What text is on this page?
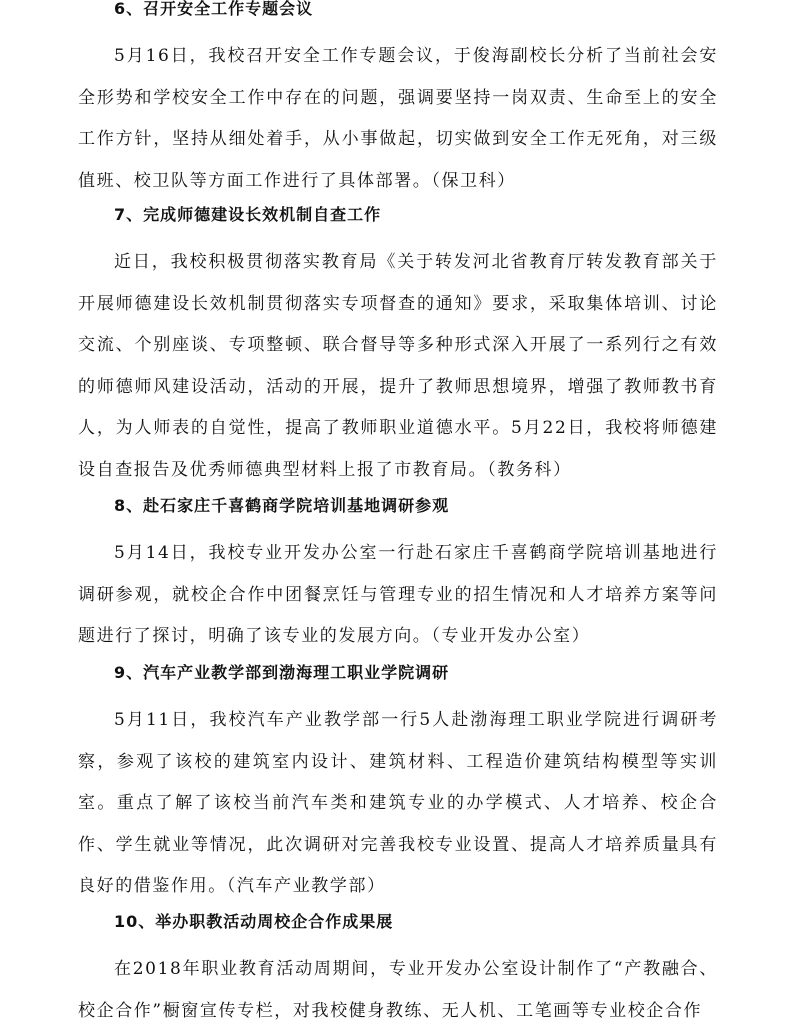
6、召开安全工作专题会议

5月16日，我校召开安全工作专题会议，于俊海副校长分析了当前社会安全形势和学校安全工作中存在的问题，强调要坚持一岗双责、生命至上的安全工作方针，坚持从细处着手，从小事做起，切实做到安全工作无死角，对三级值班、校卫队等方面工作进行了具体部署。（保卫科）

7、完成师德建设长效机制自查工作

近日，我校积极贯彻落实教育局《关于转发河北省教育厅转发教育部关于开展师德建设长效机制贯彻落实专项督查的通知》要求，采取集体培训、讨论交流、个别座谈、专项整顿、联合督导等多种形式深入开展了一系列行之有效的师德师风建设活动，活动的开展，提升了教师思想境界，增强了教师教书育人，为人师表的自觉性，提高了教师职业道德水平。5月22日，我校将师德建设自查报告及优秀师德典型材料上报了市教育局。（教务科）

8、赴石家庄千喜鹤商学院培训基地调研参观

5月14日，我校专业开发办公室一行赴石家庄千喜鹤商学院培训基地进行调研参观，就校企合作中团餐烹饪与管理专业的招生情况和人才培养方案等问题进行了探讨，明确了该专业的发展方向。（专业开发办公室）

9、汽车产业教学部到渤海理工职业学院调研

5月11日，我校汽车产业教学部一行5人赴渤海理工职业学院进行调研考察，参观了该校的建筑室内设计、建筑材料、工程造价建筑结构模型等实训室。重点了解了该校当前汽车类和建筑专业的办学模式、人才培养、校企合作、学生就业等情况，此次调研对完善我校专业设置、提高人才培养质量具有良好的借鉴作用。（汽车产业教学部）

10、举办职教活动周校企合作成果展

在2018年职业教育活动周期间，专业开发办公室设计制作了“产教融合、校企合作”橱窗宣传专栏，对我校健身教练、无人机、工笔画等专业校企合作
